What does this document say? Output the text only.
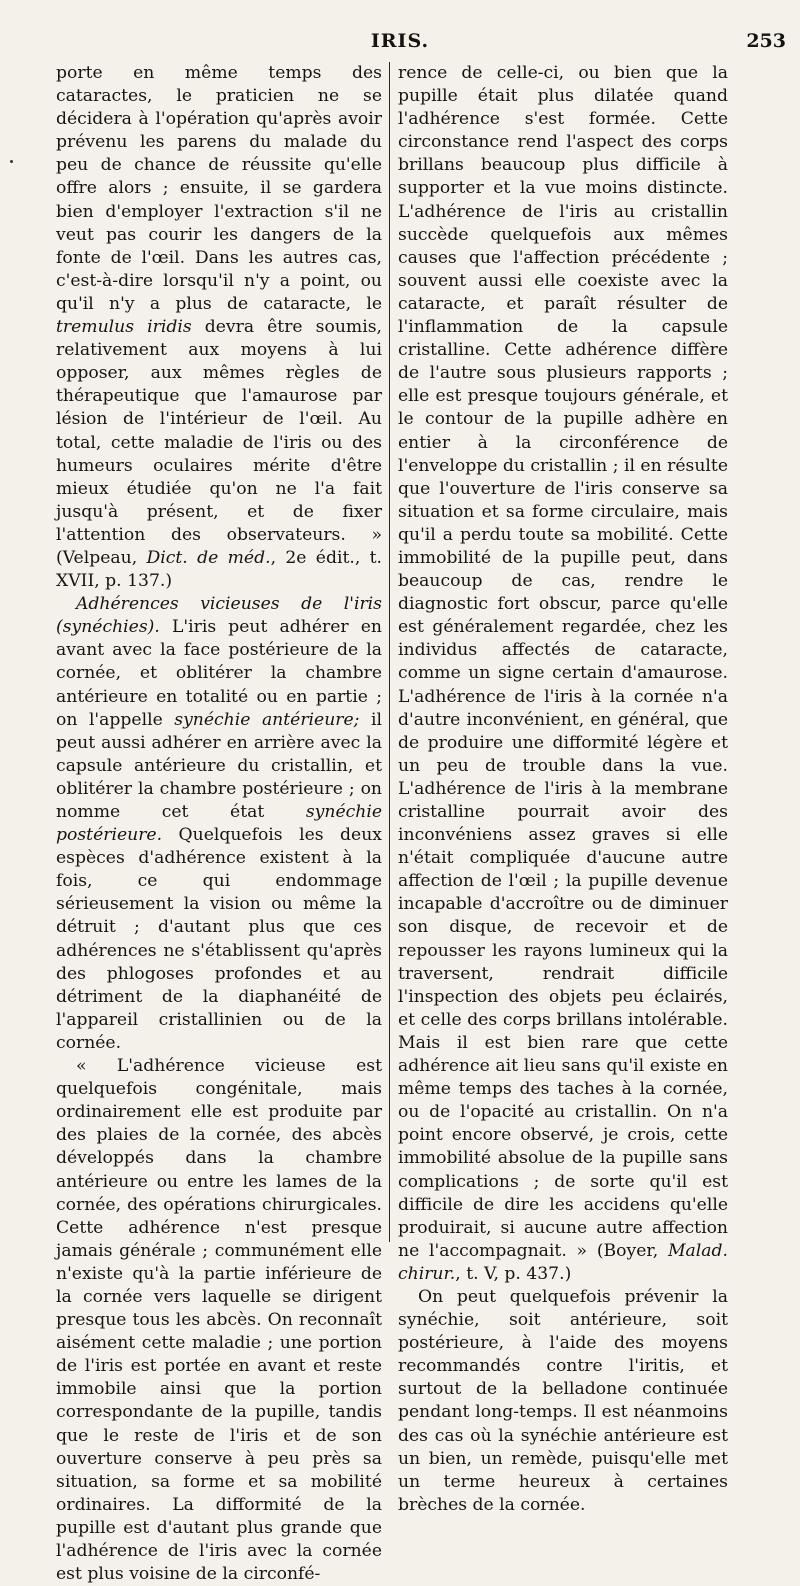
IRIS.	253

porte en même temps des cataractes, le praticien ne se décidera à l'opération qu'après avoir prévenu les parens du malade du peu de chance de réussite qu'elle offre alors ; ensuite, il se gardera bien d'employer l'extraction s'il ne veut pas courir les dangers de la fonte de l'œil. Dans les autres cas, c'est-à-dire lorsqu'il n'y a point, ou qu'il n'y a plus de cataracte, le tremulus iridis devra être soumis, relativement aux moyens à lui opposer, aux mêmes règles de thérapeutique que l'amaurose par lésion de l'intérieur de l'œil. Au total, cette maladie de l'iris ou des humeurs oculaires mérite d'être mieux étudiée qu'on ne l'a fait jusqu'à présent, et de fixer l'attention des observateurs. » (Velpeau, Dict. de méd., 2e édit., t. XVII, p. 137.)

Adhérences vicieuses de l'iris (synéchies). L'iris peut adhérer en avant avec la face postérieure de la cornée, et oblitérer la chambre antérieure en totalité ou en partie ; on l'appelle synéchie antérieure; il peut aussi adhérer en arrière avec la capsule antérieure du cristallin, et oblitérer la chambre postérieure ; on nomme cet état synéchie postérieure. Quelquefois les deux espèces d'adhérence existent à la fois, ce qui endommage sérieusement la vision ou même la détruit ; d'autant plus que ces adhérences ne s'établissent qu'après des phlogoses profondes et au détriment de la diaphanéité de l'appareil cristallinien ou de la cornée.

« L'adhérence vicieuse est quelquefois congénitale, mais ordinairement elle est produite par des plaies de la cornée, des abcès développés dans la chambre antérieure ou entre les lames de la cornée, des opérations chirurgicales. Cette adhérence n'est presque jamais générale ; communément elle n'existe qu'à la partie inférieure de la cornée vers laquelle se dirigent presque tous les abcès. On reconnaît aisément cette maladie ; une portion de l'iris est portée en avant et reste immobile ainsi que la portion correspondante de la pupille, tandis que le reste de l'iris et de son ouverture conserve à peu près sa situation, sa forme et sa mobilité ordinaires. La difformité de la pupille est d'autant plus grande que l'adhérence de l'iris avec la cornée est plus voisine de la circonfé-

rence de celle-ci, ou bien que la pupille était plus dilatée quand l'adhérence s'est formée. Cette circonstance rend l'aspect des corps brillans beaucoup plus difficile à supporter et la vue moins distincte. L'adhérence de l'iris au cristallin succède quelquefois aux mêmes causes que l'affection précédente ; souvent aussi elle coexiste avec la cataracte, et paraît résulter de l'inflammation de la capsule cristalline. Cette adhérence diffère de l'autre sous plusieurs rapports ; elle est presque toujours générale, et le contour de la pupille adhère en entier à la circonférence de l'enveloppe du cristallin ; il en résulte que l'ouverture de l'iris conserve sa situation et sa forme circulaire, mais qu'il a perdu toute sa mobilité. Cette immobilité de la pupille peut, dans beaucoup de cas, rendre le diagnostic fort obscur, parce qu'elle est généralement regardée, chez les individus affectés de cataracte, comme un signe certain d'amaurose. L'adhérence de l'iris à la cornée n'a d'autre inconvénient, en général, que de produire une difformité légère et un peu de trouble dans la vue. L'adhérence de l'iris à la membrane cristalline pourrait avoir des inconvéniens assez graves si elle n'était compliquée d'aucune autre affection de l'œil ; la pupille devenue incapable d'accroître ou de diminuer son disque, de recevoir et de repousser les rayons lumineux qui la traversent, rendrait difficile l'inspection des objets peu éclairés, et celle des corps brillans intolérable. Mais il est bien rare que cette adhérence ait lieu sans qu'il existe en même temps des taches à la cornée, ou de l'opacité au cristallin. On n'a point encore observé, je crois, cette immobilité absolue de la pupille sans complications ; de sorte qu'il est difficile de dire les accidens qu'elle produirait, si aucune autre affection ne l'accompagnait. » (Boyer, Malad. chirur., t. V, p. 437.)

On peut quelquefois prévenir la synéchie, soit antérieure, soit postérieure, à l'aide des moyens recommandés contre l'iritis, et surtout de la belladone continuée pendant long-temps. Il est néanmoins des cas où la synéchie antérieure est un bien, un remède, puisqu'elle met un terme heureux à certaines brèches de la cornée.
